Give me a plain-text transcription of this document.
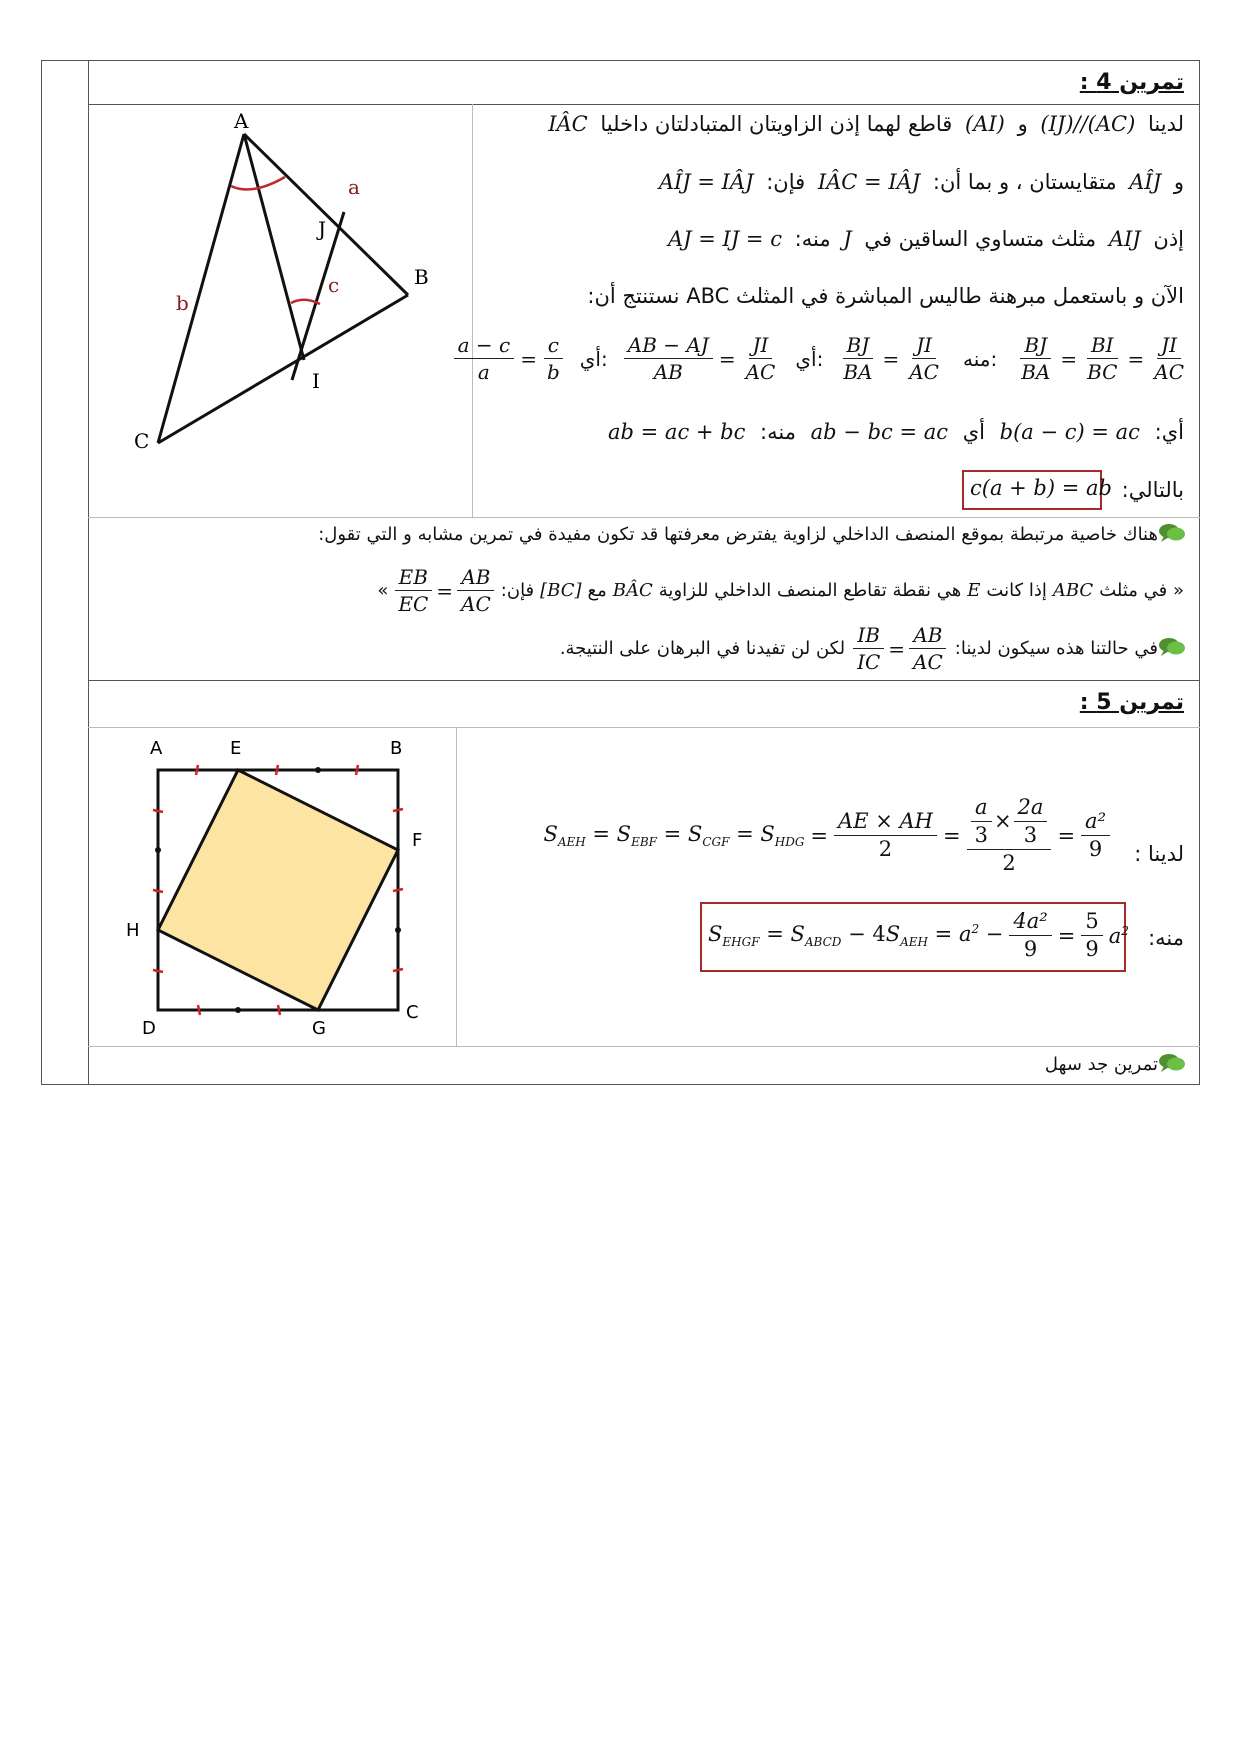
تمرين 4 :
A
B
C
I
J
a
b
c
لدينا (IJ)//(AC) و (AI) قاطع لهما إذن الزاويتان المتبادلتان داخليا IÂC
و AÎJ متقايستان ، و بما أن: IÂC = IÂJ فإن: AÎJ = IÂJ
إذن AIJ مثلث متساوي الساقين في J منه: AJ = IJ = c
الآن و باستعمل مبرهنة طاليس المباشرة في المثلث ABC نستنتج أن:
$\frac{a - c}{a} = \frac{c}{b}$ أي: $\frac{AB - AJ}{AB} = \frac{JI}{AC}$ أي: $\frac{BJ}{BA} = \frac{JI}{AC}$ منه: $\frac{BJ}{BA} = \frac{BI}{BC} = \frac{JI}{AC}$
أي: b(a − c) = ac أي ab − bc = ac منه: ab = ac + bc
بالتالي:
c(a + b) = ab
هناك خاصية مرتبطة بموقع المنصف الداخلي لزاوية يفترض معرفتها قد تكون مفيدة في تمرين مشابه و التي تقول:
« في مثلث
ABC
إذا كانت
E
هي نقطة تقاطع المنصف الداخلي للزاوية
BÂC
مع
[BC]
فإن:
$\frac{EB}{EC} = \frac{AB}{AC}$
»
في حالتنا هذه سيكون لدينا:
$\frac{IB}{IC} = \frac{AB}{AC}$
لكن لن تفيدنا في البرهان على النتيجة.
تمرين 5 :
A	E	B
F
C
G
D
H
لدينا :
$S_{AEH} = S_{EBF} = S_{CGF} = S_{HDG} = \frac{AE \times AH}{2} = \frac{\frac{a}{3} \times \frac{2a}{3}}{2} = \frac{\text{a²}}{9}$
منه:
$S_{EHGF} = S_{ABCD} - 4S_{AEH} = a^2 - \frac{\text{4a²}}{9} = \frac{5}{9} a^2$
تمرين جد سهل
